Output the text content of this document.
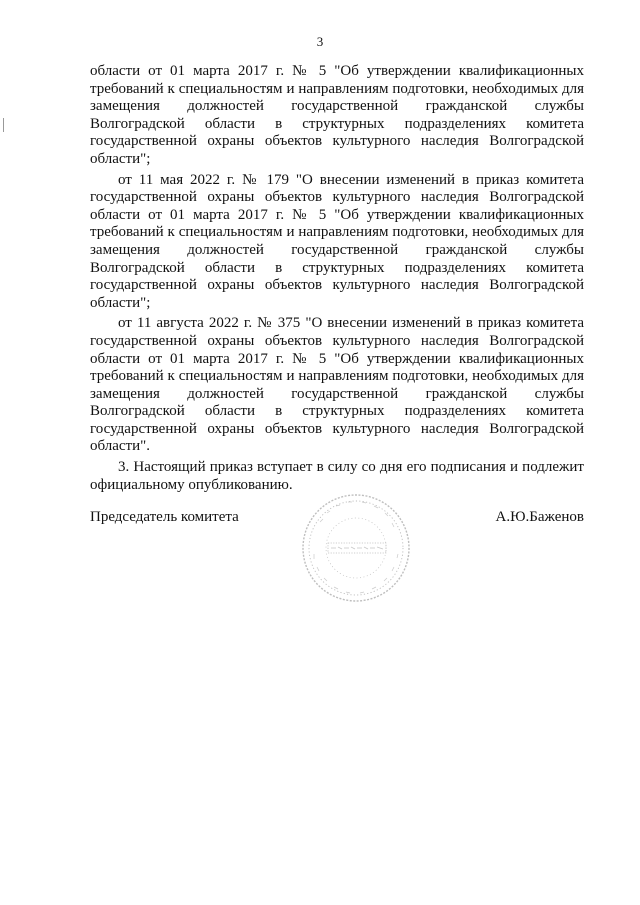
3

области от 01 марта 2017 г. № 5 "Об утверждении квалификационных требований к специальностям и направлениям подготовки, необходимых для замещения должностей государственной гражданской службы Волгоградской области в структурных подразделениях комитета государственной охраны объектов культурного наследия Волгоградской области";

от 11 мая 2022 г. № 179 "О внесении изменений в приказ комитета государственной охраны объектов культурного наследия Волгоградской области от 01 марта 2017 г. № 5 "Об утверждении квалификационных требований к специальностям и направлениям подготовки, необходимых для замещения должностей государственной гражданской службы Волгоградской области в структурных подразделениях комитета государственной охраны объектов культурного наследия Волгоградской области";

от 11 августа 2022 г. № 375 "О внесении изменений в приказ комитета государственной охраны объектов культурного наследия Волгоградской области от 01 марта 2017 г. № 5 "Об утверждении квалификационных требований к специальностям и направлениям подготовки, необходимых для замещения должностей государственной гражданской службы Волгоградской области в структурных подразделениях комитета государственной охраны объектов культурного наследия Волгоградской области".

3. Настоящий приказ вступает в силу со дня его подписания и подлежит официальному опубликованию.

Председатель комитета	А.Ю.Баженов
